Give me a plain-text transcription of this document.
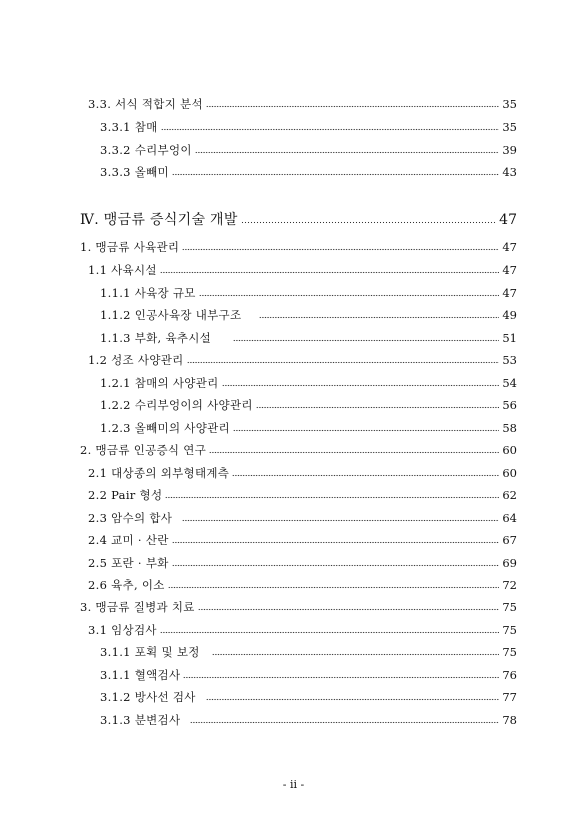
3.3. 서식 적합지 분석	35
3.3.1 참매	35
3.3.2 수리부엉이	39
3.3.3 올빼미	43
Ⅳ. 맹금류 증식기술 개발	47
1. 맹금류 사육관리	47
1.1 사육시설	47
1.1.1 사육장 규모	47
1.1.2 인공사육장 내부구조	49
1.1.3 부화, 육추시설	51
1.2 성조 사양관리	53
1.2.1 참매의 사양관리	54
1.2.2 수리부엉이의 사양관리	56
1.2.3 올빼미의 사양관리	58
2. 맹금류 인공증식 연구	60
2.1 대상종의 외부형태계측	60
2.2 Pair 형성	62
2.3 암수의 합사	64
2.4 교미 · 산란	67
2.5 포란 · 부화	69
2.6 육추, 이소	72
3. 맹금류 질병과 치료	75
3.1 임상검사	75
3.1.1 포획 및 보정	75
3.1.1 혈액검사	76
3.1.2 방사선 검사	77
3.1.3 분변검사	78
- ii -
